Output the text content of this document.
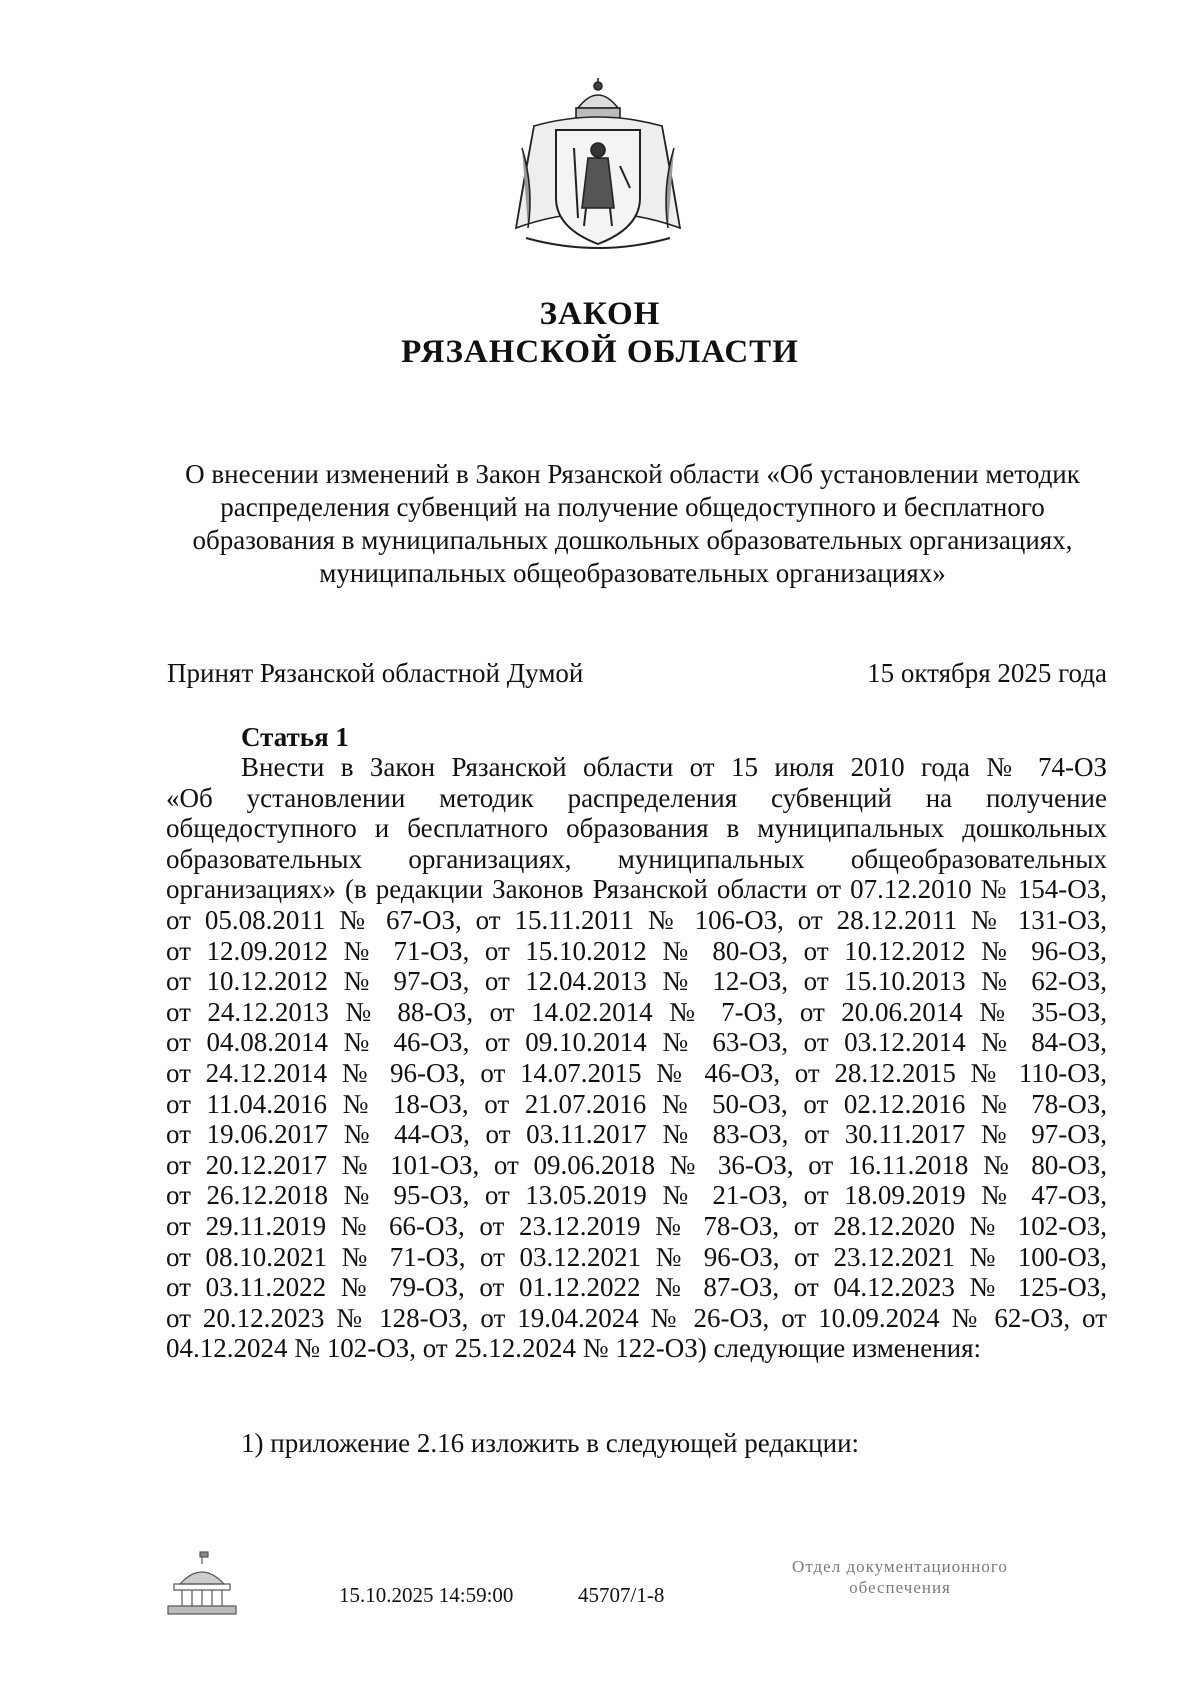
ЗАКОН
РЯЗАНСКОЙ ОБЛАСТИ
О внесении изменений в Закон Рязанской области «Об установлении методик
распределения субвенций на получение общедоступного и бесплатного
образования в муниципальных дошкольных образовательных организациях,
муниципальных общеобразовательных организациях»
Принят Рязанской областной Думой	15 октября 2025 года
Статья 1
Внести в Закон Рязанской области от 15 июля 2010 года № 74-ОЗ
«Об установлении методик распределения субвенций на получение
общедоступного и бесплатного образования в муниципальных дошкольных
образовательных организациях, муниципальных общеобразовательных
организациях» (в редакции Законов Рязанской области от 07.12.2010 № 154-ОЗ,
от 05.08.2011 № 67-ОЗ, от 15.11.2011 № 106-ОЗ, от 28.12.2011 № 131-ОЗ,
от 12.09.2012 № 71-ОЗ, от 15.10.2012 № 80-ОЗ, от 10.12.2012 № 96-ОЗ,
от 10.12.2012 № 97-ОЗ, от 12.04.2013 № 12-ОЗ, от 15.10.2013 № 62-ОЗ,
от 24.12.2013 № 88-ОЗ, от 14.02.2014 № 7-ОЗ, от 20.06.2014 № 35-ОЗ,
от 04.08.2014 № 46-ОЗ, от 09.10.2014 № 63-ОЗ, от 03.12.2014 № 84-ОЗ,
от 24.12.2014 № 96-ОЗ, от 14.07.2015 № 46-ОЗ, от 28.12.2015 № 110-ОЗ,
от 11.04.2016 № 18-ОЗ, от 21.07.2016 № 50-ОЗ, от 02.12.2016 № 78-ОЗ,
от 19.06.2017 № 44-ОЗ, от 03.11.2017 № 83-ОЗ, от 30.11.2017 № 97-ОЗ,
от 20.12.2017 № 101-ОЗ, от 09.06.2018 № 36-ОЗ, от 16.11.2018 № 80-ОЗ,
от 26.12.2018 № 95-ОЗ, от 13.05.2019 № 21-ОЗ, от 18.09.2019 № 47-ОЗ,
от 29.11.2019 № 66-ОЗ, от 23.12.2019 № 78-ОЗ, от 28.12.2020 № 102-ОЗ,
от 08.10.2021 № 71-ОЗ, от 03.12.2021 № 96-ОЗ, от 23.12.2021 № 100-ОЗ,
от 03.11.2022 № 79-ОЗ, от 01.12.2022 № 87-ОЗ, от 04.12.2023 № 125-ОЗ,
от 20.12.2023 № 128-ОЗ, от 19.04.2024 № 26-ОЗ, от 10.09.2024 № 62-ОЗ, от
04.12.2024 № 102-ОЗ, от 25.12.2024 № 122-ОЗ) следующие изменения:
1) приложение 2.16 изложить в следующей редакции:
15.10.2025 14:59:00	45707/1-8
Отдел документационного
обеспечения
